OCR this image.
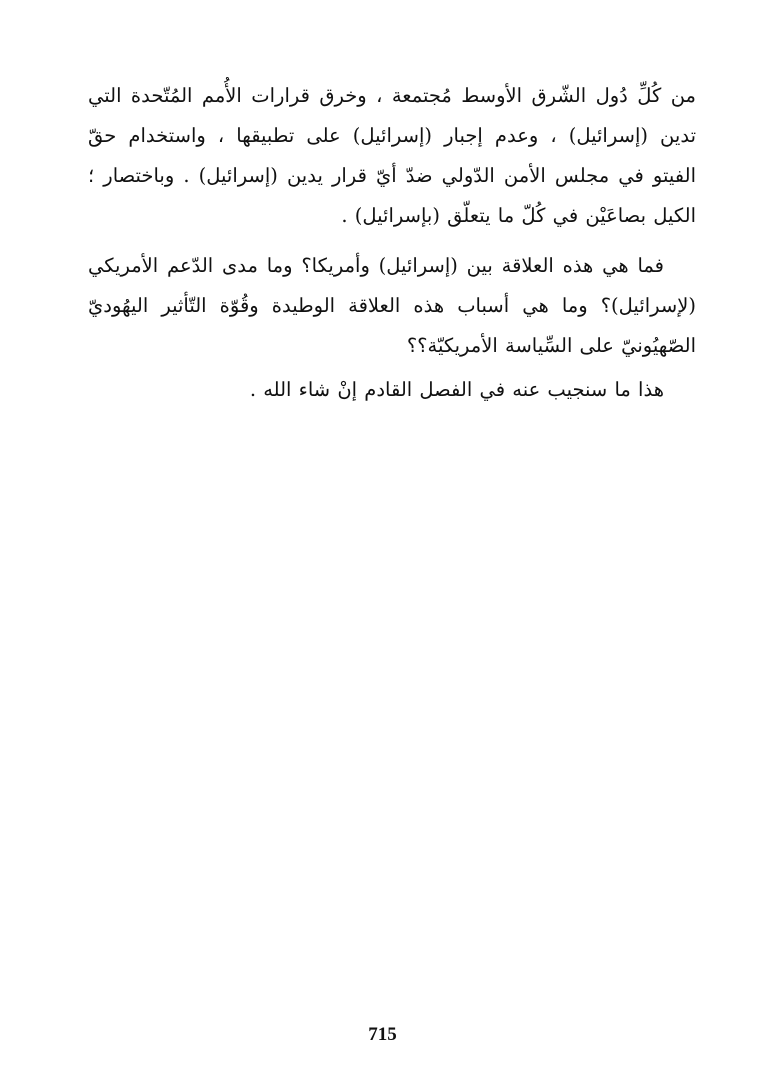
من كُلِّ دُول الشّرق الأوسط مُجتمعة ، وخرق قرارات الأُمم المُتّحدة التي تدين (إسرائيل) ، وعدم إجبار (إسرائيل) على تطبيقها ، واستخدام حقّ الفيتو في مجلس الأمن الدّولي ضدّ أيّ قرار يدين (إسرائيل) . وباختصار ؛ الكيل بصاعَيْن في كُلّ ما يتعلّق (بإسرائيل) .

فما هي هذه العلاقة بين (إسرائيل) وأمريكا؟ وما مدى الدّعم الأمريكي (لإسرائيل)؟ وما هي أسباب هذه العلاقة الوطيدة وقُوّة التّأثير اليهُوديّ الصّهيُونيّ على السِّياسة الأمريكيّة؟؟

هذا ما سنجيب عنه في الفصل القادم إنْ شاء الله .

715
